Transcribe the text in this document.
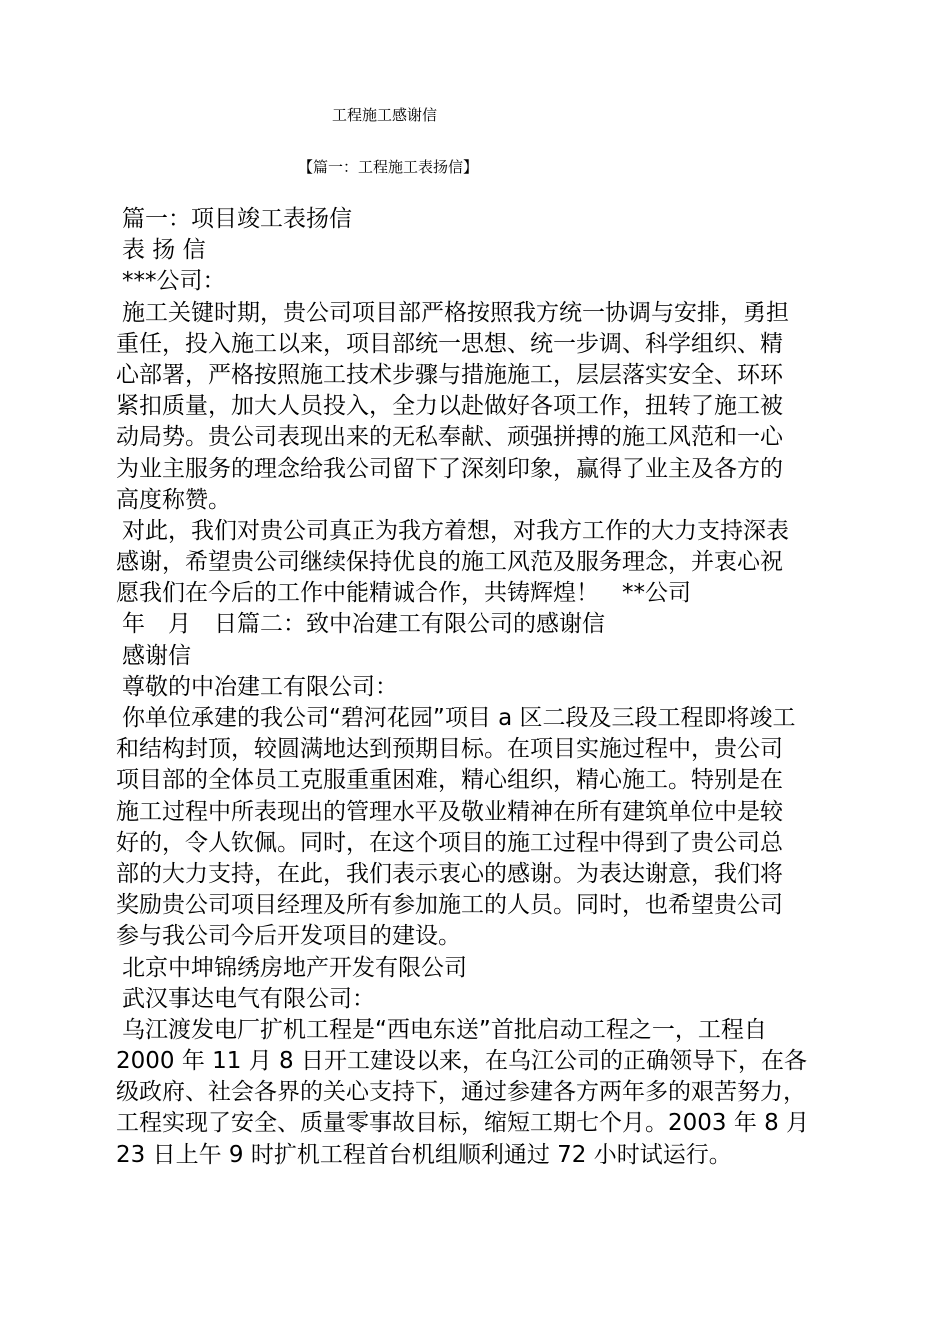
工程施工感谢信
【篇一：工程施工表扬信】
篇一：项目竣工表扬信
表 扬 信
***公司：
施工关键时期，贵公司项目部严格按照我方统一协调与安排，勇担
重任，投入施工以来，项目部统一思想、统一步调、科学组织、精
心部署，严格按照施工技术步骤与措施施工，层层落实安全、环环
紧扣质量，加大人员投入，全力以赴做好各项工作，扭转了施工被
动局势。贵公司表现出来的无私奉献、顽强拼搏的施工风范和一心
为业主服务的理念给我公司留下了深刻印象，赢得了业主及各方的
高度称赞。
对此，我们对贵公司真正为我方着想，对我方工作的大力支持深表
感谢，希望贵公司继续保持优良的施工风范及服务理念，并衷心祝
愿我们在今后的工作中能精诚合作，共铸辉煌！　**公司
年　月　日篇二：致中冶建工有限公司的感谢信
感谢信
尊敬的中冶建工有限公司：
你单位承建的我公司“碧河花园”项目 a 区二段及三段工程即将竣工
和结构封顶，较圆满地达到预期目标。在项目实施过程中，贵公司
项目部的全体员工克服重重困难，精心组织，精心施工。特别是在
施工过程中所表现出的管理水平及敬业精神在所有建筑单位中是较
好的，令人钦佩。同时，在这个项目的施工过程中得到了贵公司总
部的大力支持，在此，我们表示衷心的感谢。为表达谢意，我们将
奖励贵公司项目经理及所有参加施工的人员。同时，也希望贵公司
参与我公司今后开发项目的建设。
北京中坤锦绣房地产开发有限公司
武汉事达电气有限公司：
乌江渡发电厂扩机工程是“西电东送”首批启动工程之一，工程自
2000 年 11 月 8 日开工建设以来，在乌江公司的正确领导下，在各
级政府、社会各界的关心支持下，通过参建各方两年多的艰苦努力，
工程实现了安全、质量零事故目标，缩短工期七个月。2003 年 8 月
23 日上午 9 时扩机工程首台机组顺利通过 72 小时试运行。
